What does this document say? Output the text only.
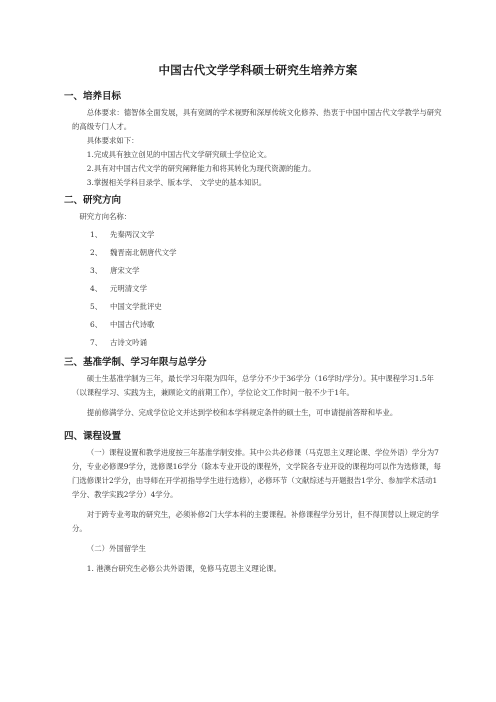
中国古代文学学科硕士研究生培养方案
一、培养目标

总体要求：德智体全面发展，具有宽阔的学术视野和深厚传统文化修养、热衷于中国中国古代文学教学与研究的高级专门人才。

具体要求如下：

1.完成具有独立创见的中国古代文学研究硕士学位论文。

2.具有对中国古代文学的研究阐释能力和将其转化为现代资源的能力。

3.掌握相关学科目录学、版本学、 文学史的基本知识。

二、研究方向

研究方向名称：

1、 先秦两汉文学
2、 魏晋南北朝唐代文学
3、 唐宋文学
4、 元明清文学
5、 中国文学批评史
6、 中国古代诗歌
7、 古诗文吟诵
三、基准学制、学习年限与总学分

硕士生基准学制为三年，最长学习年限为四年，总学分不少于36学分（16学时/学分）。其中课程学习1.5年（以课程学习、实践为主，兼顾论文的前期工作），学位论文工作时间一般不少于1年。

提前修满学分、完成学位论文并达到学校和本学科规定条件的硕士生，可申请提前答辩和毕业。

四、课程设置

（一）课程设置和教学进度按三年基准学制安排。其中公共必修课（马克思主义理论课、学位外语）学分为7分，专业必修课9学分，选修课16学分（除本专业开设的课程外，文学院各专业开设的课程均可以作为选修课，每门选修课计2学分，由导师在开学初指导学生进行选修），必修环节（文献综述与开题报告1学分、参加学术活动1学分、教学实践2学分）4学分。

对于跨专业考取的研究生，必须补修2门大学本科的主要课程。补修课程学分另计，但不得顶替以上规定的学分。

（二）外国留学生

1. 港澳台研究生必修公共外语课，免修马克思主义理论课。
